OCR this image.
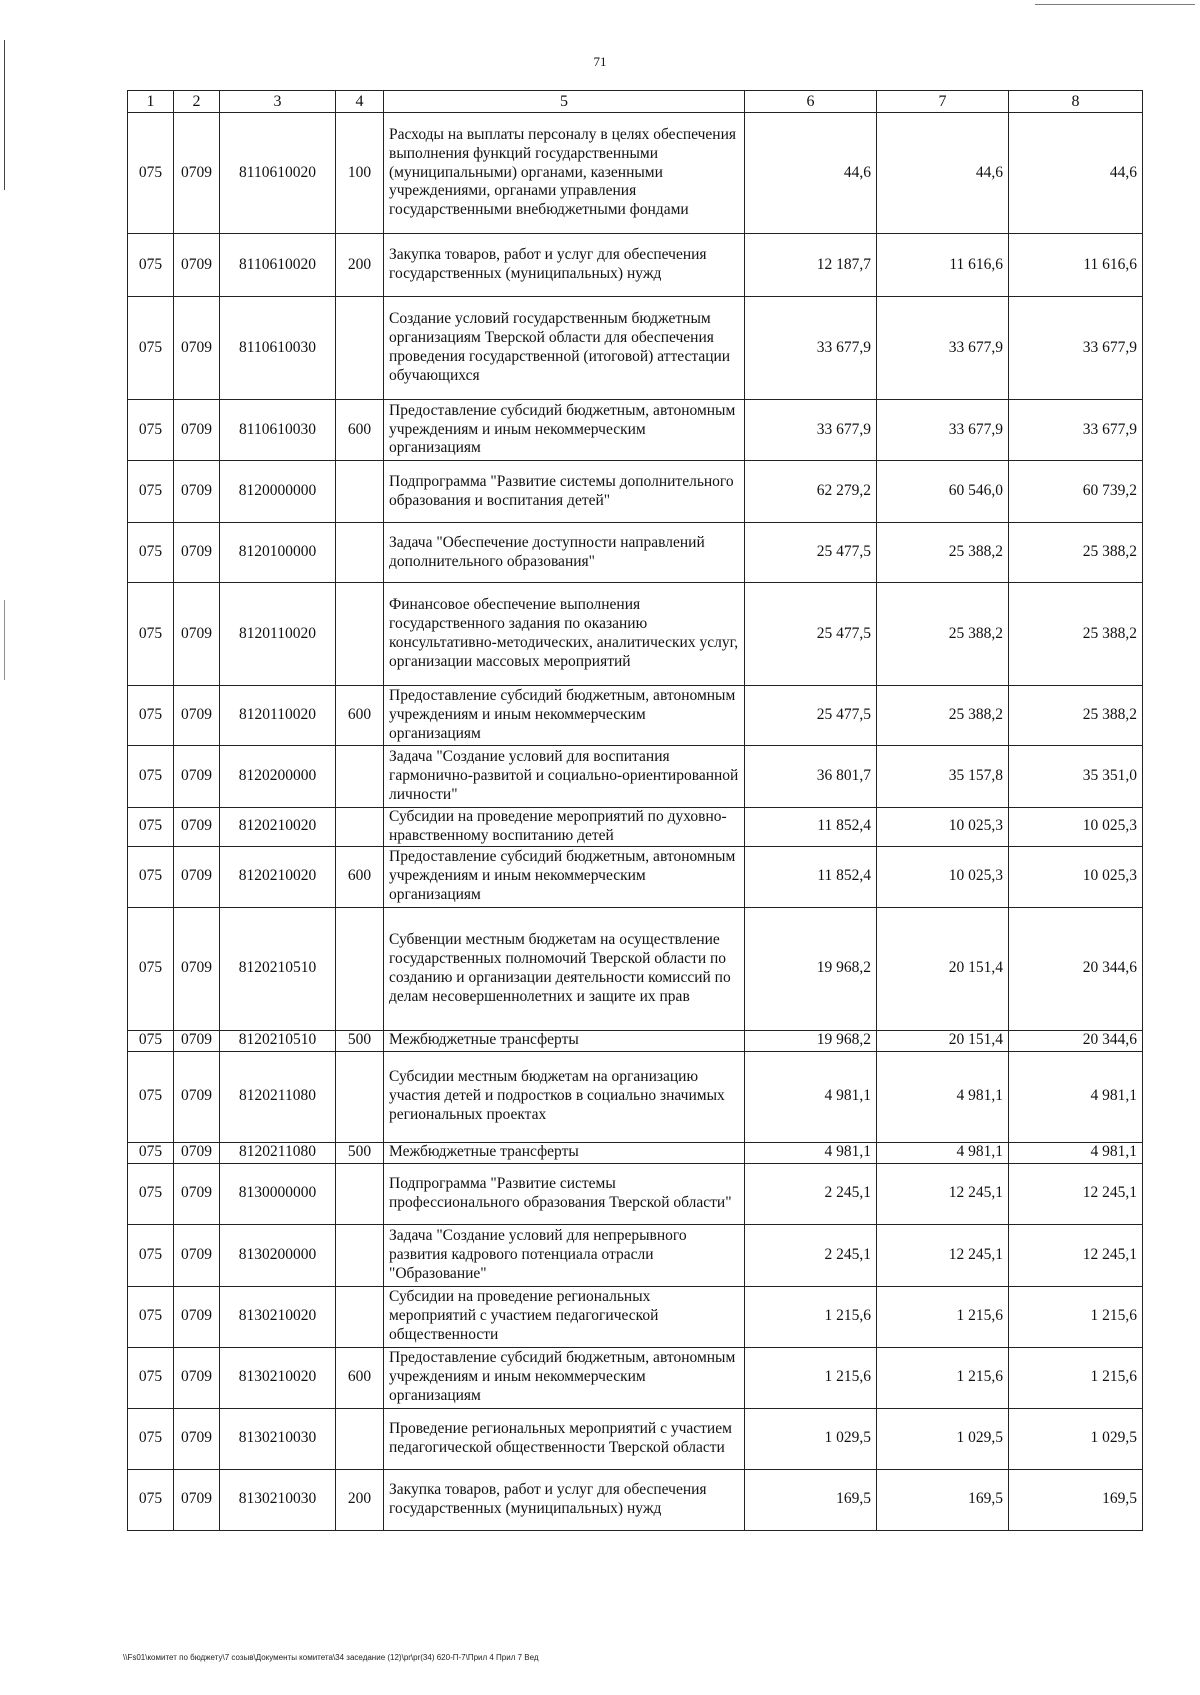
71
1	2	3	4	5	6	7	8
075	0709	8110610020	100	Расходы на выплаты персоналу в целях обеспечения выполнения функций государственными (муниципальными) органами, казенными учреждениями, органами управления государственными внебюджетными фондами	44,6	44,6	44,6
075	0709	8110610020	200	Закупка товаров, работ и услуг для обеспечения государственных (муниципальных) нужд	12 187,7	11 616,6	11 616,6
075	0709	8110610030		Создание условий государственным бюджетным организациям Тверской области для обеспечения проведения государственной (итоговой) аттестации обучающихся	33 677,9	33 677,9	33 677,9
075	0709	8110610030	600	Предоставление субсидий бюджетным, автономным учреждениям и иным некоммерческим организациям	33 677,9	33 677,9	33 677,9
075	0709	8120000000		Подпрограмма "Развитие системы дополнительного образования и воспитания детей"	62 279,2	60 546,0	60 739,2
075	0709	8120100000		Задача "Обеспечение доступности направлений дополнительного образования"	25 477,5	25 388,2	25 388,2
075	0709	8120110020		Финансовое обеспечение выполнения государственного задания по оказанию консультативно-методических, аналитических услуг, организации массовых мероприятий	25 477,5	25 388,2	25 388,2
075	0709	8120110020	600	Предоставление субсидий бюджетным, автономным учреждениям и иным некоммерческим организациям	25 477,5	25 388,2	25 388,2
075	0709	8120200000		Задача "Создание условий для воспитания гармонично-развитой и социально-ориентированной личности"	36 801,7	35 157,8	35 351,0
075	0709	8120210020		Субсидии на проведение мероприятий по духовно-нравственному воспитанию детей	11 852,4	10 025,3	10 025,3
075	0709	8120210020	600	Предоставление субсидий бюджетным, автономным учреждениям и иным некоммерческим организациям	11 852,4	10 025,3	10 025,3
075	0709	8120210510		Субвенции местным бюджетам на осуществление государственных полномочий Тверской области по созданию и организации деятельности комиссий по делам несовершеннолетних и защите их прав	19 968,2	20 151,4	20 344,6
075	0709	8120210510	500	Межбюджетные трансферты	19 968,2	20 151,4	20 344,6
075	0709	8120211080		Субсидии местным бюджетам на организацию участия детей и подростков в социально значимых региональных проектах	4 981,1	4 981,1	4 981,1
075	0709	8120211080	500	Межбюджетные трансферты	4 981,1	4 981,1	4 981,1
075	0709	8130000000		Подпрограмма "Развитие системы профессионального образования Тверской области"	2 245,1	12 245,1	12 245,1
075	0709	8130200000		Задача "Создание условий для непрерывного развития кадрового потенциала отрасли "Образование"	2 245,1	12 245,1	12 245,1
075	0709	8130210020		Субсидии на проведение региональных мероприятий с участием педагогической общественности	1 215,6	1 215,6	1 215,6
075	0709	8130210020	600	Предоставление субсидий бюджетным, автономным учреждениям и иным некоммерческим организациям	1 215,6	1 215,6	1 215,6
075	0709	8130210030		Проведение региональных мероприятий с участием педагогической общественности Тверской области	1 029,5	1 029,5	1 029,5
075	0709	8130210030	200	Закупка товаров, работ и услуг для обеспечения государственных (муниципальных) нужд	169,5	169,5	169,5
\\Fs01\комитет по бюджету\7 созыв\Документы комитета\34 заседание (12)\pr\pr(34) 620-П-7\Прил 4 Прил 7 Вед
